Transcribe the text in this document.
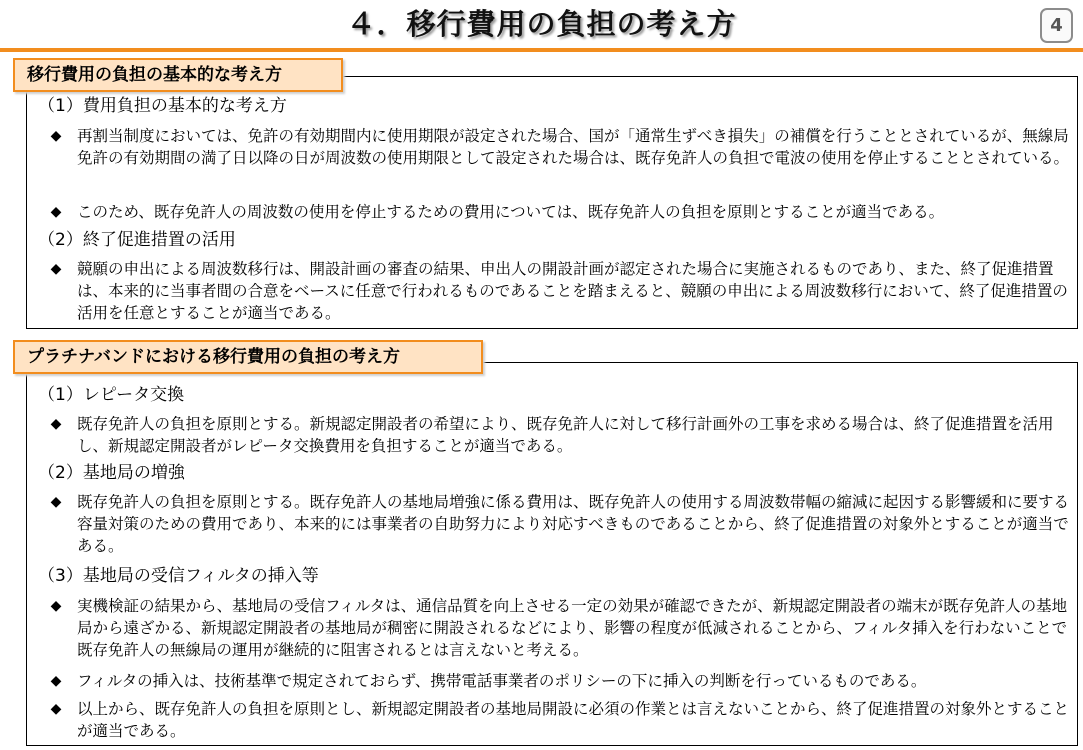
４．移行費用の負担の考え方	4
（1）費用負担の基本的な考え方
◆ 再割当制度においては、免許の有効期間内に使用期限が設定された場合、国が「通常生ずべき損失」の補償を行うこととされているが、無線局免許の有効期間の満了日以降の日が周波数の使用期限として設定された場合は、既存免許人の負担で電波の使用を停止することとされている。
◆ このため、既存免許人の周波数の使用を停止するための費用については、既存免許人の負担を原則とすることが適当である。
（2）終了促進措置の活用
◆ 競願の申出による周波数移行は、開設計画の審査の結果、申出人の開設計画が認定された場合に実施されるものであり、また、終了促進措置は、本来的に当事者間の合意をベースに任意で行われるものであることを踏まえると、競願の申出による周波数移行において、終了促進措置の活用を任意とすることが適当である。
移行費用の負担の基本的な考え方
（1）レピータ交換
◆ 既存免許人の負担を原則とする。新規認定開設者の希望により、既存免許人に対して移行計画外の工事を求める場合は、終了促進措置を活用し、新規認定開設者がレピータ交換費用を負担することが適当である。
（2）基地局の増強
◆ 既存免許人の負担を原則とする。既存免許人の基地局増強に係る費用は、既存免許人の使用する周波数帯幅の縮減に起因する影響緩和に要する容量対策のための費用であり、本来的には事業者の自助努力により対応すべきものであることから、終了促進措置の対象外とすることが適当である。
（3）基地局の受信フィルタの挿入等
◆ 実機検証の結果から、基地局の受信フィルタは、通信品質を向上させる一定の効果が確認できたが、新規認定開設者の端末が既存免許人の基地局から遠ざかる、新規認定開設者の基地局が稠密に開設されるなどにより、影響の程度が低減されることから、フィルタ挿入を行わないことで既存免許人の無線局の運用が継続的に阻害されるとは言えないと考える。
◆ フィルタの挿入は、技術基準で規定されておらず、携帯電話事業者のポリシーの下に挿入の判断を行っているものである。
◆ 以上から、既存免許人の負担を原則とし、新規認定開設者の基地局開設に必須の作業とは言えないことから、終了促進措置の対象外とすることが適当である。
プラチナバンドにおける移行費用の負担の考え方
